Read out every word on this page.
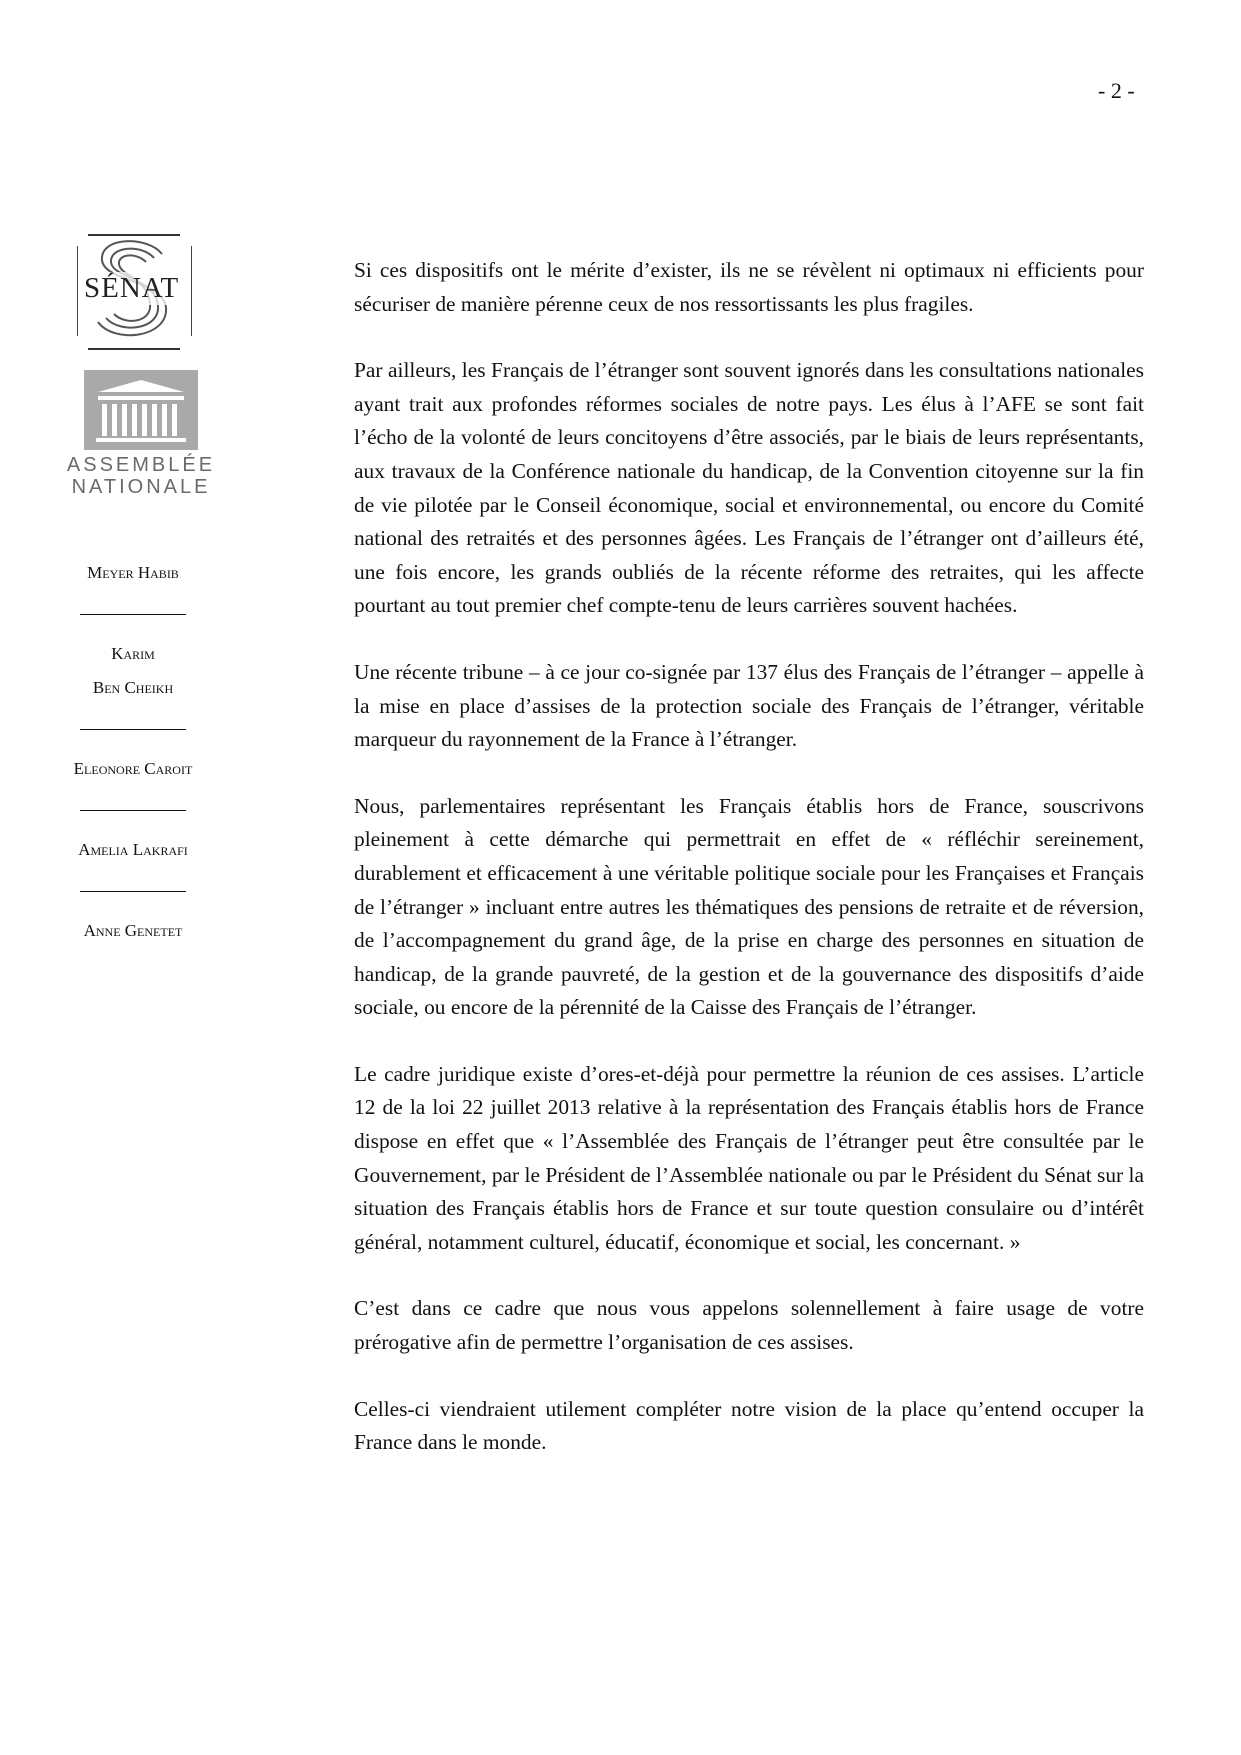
- 2 -
SÉNAT
ASSEMBLÉE
NATIONALE
Meyer Habib
Karim
Ben Cheikh
Eleonore Caroit
Amelia Lakrafi
Anne Genetet

Si ces dispositifs ont le mérite d’exister, ils ne se révèlent ni optimaux ni efficients pour sécuriser de manière pérenne ceux de nos ressortissants les plus fragiles.

Par ailleurs, les Français de l’étranger sont souvent ignorés dans les consultations nationales ayant trait aux profondes réformes sociales de notre pays. Les élus à l’AFE se sont fait l’écho de la volonté de leurs concitoyens d’être associés, par le biais de leurs représentants, aux travaux de la Conférence nationale du handicap, de la Convention citoyenne sur la fin de vie pilotée par le Conseil économique, social et environnemental, ou encore du Comité national des retraités et des personnes âgées. Les Français de l’étranger ont d’ailleurs été, une fois encore, les grands oubliés de la récente réforme des retraites, qui les affecte pourtant au tout premier chef compte-tenu de leurs carrières souvent hachées.

Une récente tribune – à ce jour co-signée par 137 élus des Français de l’étranger – appelle à la mise en place d’assises de la protection sociale des Français de l’étranger, véritable marqueur du rayonnement de la France à l’étranger.

Nous, parlementaires représentant les Français établis hors de France, souscrivons pleinement à cette démarche qui permettrait en effet de « réfléchir sereinement, durablement et efficacement à une véritable politique sociale pour les Françaises et Français de l’étranger » incluant entre autres les thématiques des pensions de retraite et de réversion, de l’accompagnement du grand âge, de la prise en charge des personnes en situation de handicap, de la grande pauvreté, de la gestion et de la gouvernance des dispositifs d’aide sociale, ou encore de la pérennité de la Caisse des Français de l’étranger.

Le cadre juridique existe d’ores-et-déjà pour permettre la réunion de ces assises. L’article 12 de la loi 22 juillet 2013 relative à la représentation des Français établis hors de France dispose en effet que « l’Assemblée des Français de l’étranger peut être consultée par le Gouvernement, par le Président de l’Assemblée nationale ou par le Président du Sénat sur la situation des Français établis hors de France et sur toute question consulaire ou d’intérêt général, notamment culturel, éducatif, économique et social, les concernant. »

C’est dans ce cadre que nous vous appelons solennellement à faire usage de votre prérogative afin de permettre l’organisation de ces assises.

Celles-ci viendraient utilement compléter notre vision de la place qu’entend occuper la France dans le monde.
